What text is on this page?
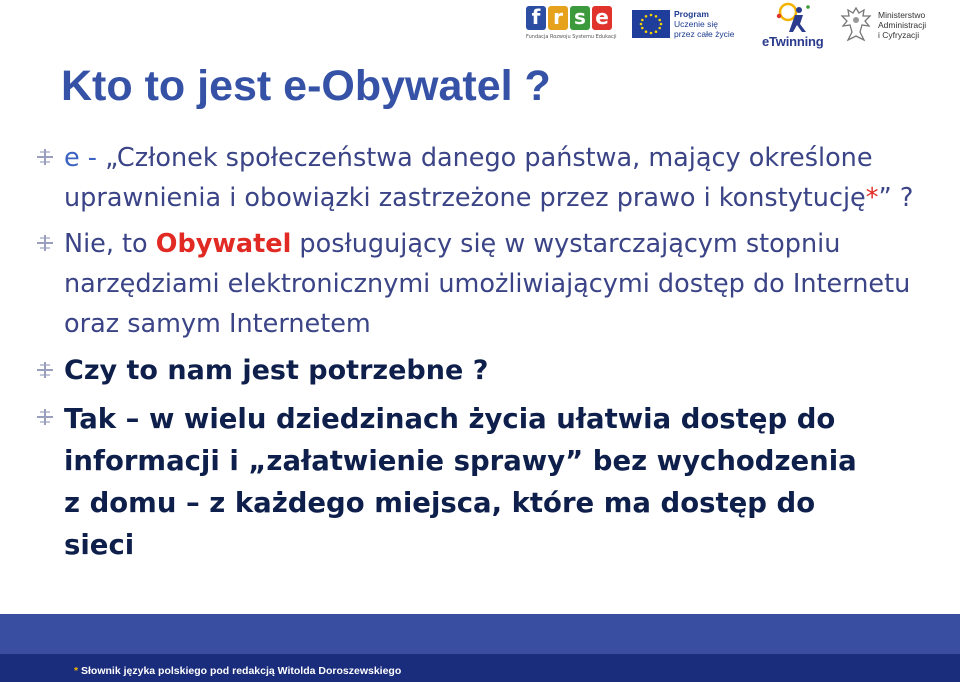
f r s e
Fundacja Rozwoju Systemu Edukacji
Program
Uczenie się
przez całe życie	eTwinning
Ministerstwo
Administracji
i Cyfryzacji
Kto to jest e-Obywatel ?
e - „Członek społeczeństwa danego państwa, mający określone uprawnienia i obowiązki zastrzeżone przez prawo i konstytucję*” ?
Nie, to Obywatel posługujący się w wystarczającym stopniu narzędziami elektronicznymi umożliwiającymi dostęp do Internetu oraz samym Internetem
Czy to nam jest potrzebne ?
Tak – w wielu dziedzinach życia ułatwia dostęp do
informacji i „załatwienie sprawy” bez wychodzenia
z domu – z każdego miejsca, które ma dostęp do
sieci
* Słownik języka polskiego pod redakcją Witolda Doroszewskiego
